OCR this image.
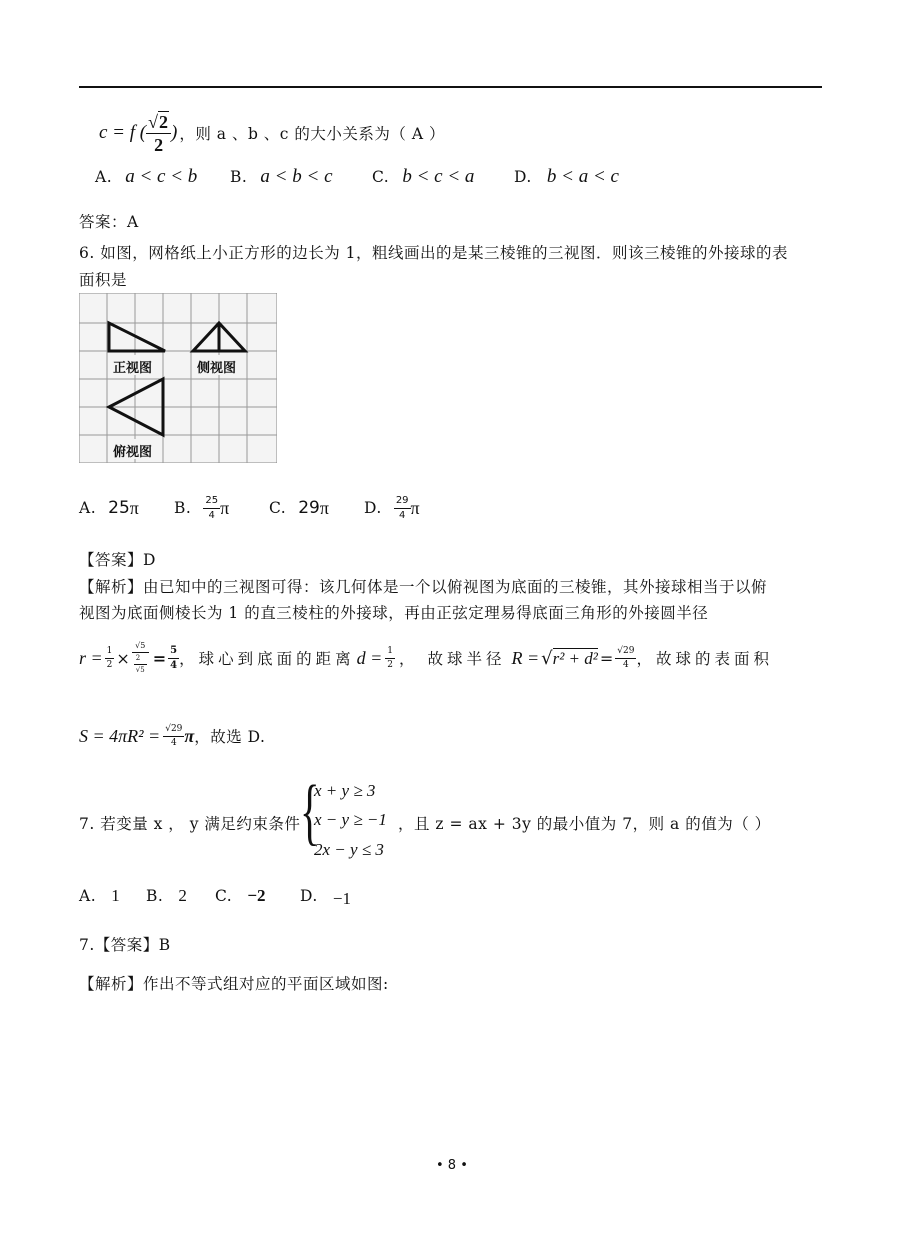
c = f ( $\frac{√2}{2}$ ) ，则 a 、b 、c 的大小关系为（ A ）
A. a < c < b	B. a < b < c	C. b < c < a	D. b < a < c
答案：A
6. 如图，网格纸上小正方形的边长为 1，粗线画出的是某三棱锥的三视图．则该三棱锥的外接球的表
面积是
正视图	侧视图
俯视图
A. 25 π B. $\frac{25}{4}$ π	C. 29 π D. $\frac{29}{4}$ π
【答案】D
【解析】由已知中的三视图可得：该几何体是一个以俯视图为底面的三棱锥，其外接球相当于以俯
视图为底面侧棱长为 1 的直三棱柱的外接球，再由正弦定理易得底面三角形的外接圆半径
$r = \frac{1}{2} \times \frac{√5}{\frac{2}{√5}} = \frac{5}{4}$ ，球心到底面的距离 $d = \frac{1}{2}$ ， 故球半径 R = √ $r^2 + d^2 = \frac{√29}{4}$ ，故球的表面积
$S = 4\pi R^2 = \frac{√29}{4}$ π ，故选 D.
7. 若变量 x ， y 满足约束条件 {
x + y ≥ 3
x − y ≥ −1
2x − y ≤ 3
，且 z = ax + 3y 的最小值为 7，则 a 的值为（ ）
A. 1	B. 2	C. −2	D. −1
7.【答案】B
【解析】作出不等式组对应的平面区域如图:
• 8 •
